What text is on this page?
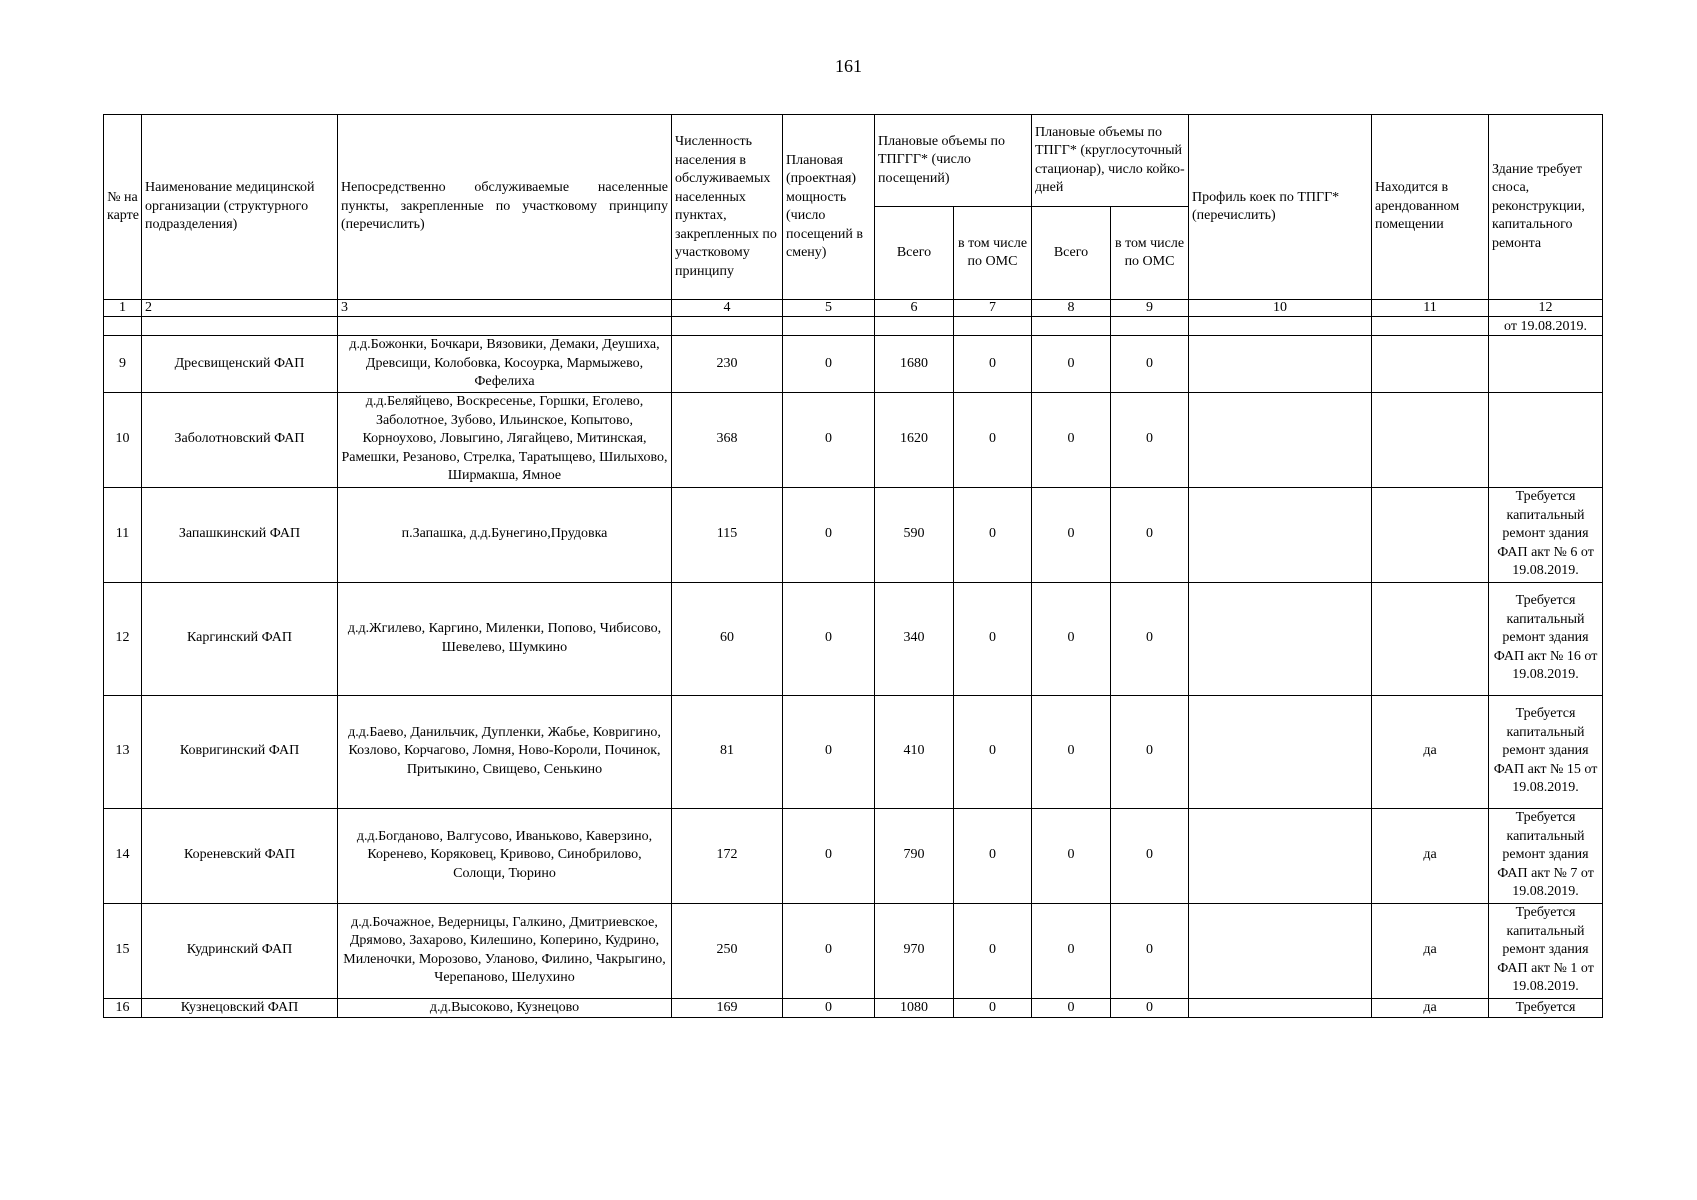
161
№ на карте	Наименование медицинской организации (структурного подразделения)	Непосредственно обслуживаемые населенные пункты, закрепленные по участковому принципу (перечислить)	Численность населения в обслуживаемых населенных пунктах, закрепленных по участковому принципу	Плановая (проектная) мощность (число посещений в смену)	Плановые объемы по ТПГГГ* (число посещений)		Плановые объемы по ТПГГ* (круглосуточный стационар), число койко-дней		Профиль коек по ТПГГ* (перечислить)	Находится в арендованном помещении	Здание требует сноса, реконструкции, капитального ремонта
					Всего	в том числе по ОМС	Всего	в том числе по ОМС			
1	2	3	4	5	6	7	8	9	10	11	12
											от 19.08.2019.
9	Дресвищенский ФАП	д.д.Божонки, Бочкари, Вязовики, Демаки, Деушиха, Древсищи, Колобовка, Косоурка, Мармыжево, Фефелиха	230	0	1680	0	0	0			
10	Заболотновский ФАП	д.д.Беляйцево, Воскресенье, Горшки, Еголево, Заболотное, Зубово, Ильинское, Копытово, Корноухово, Ловыгино, Лягайцево, Митинская, Рамешки, Резаново, Стрелка, Таратыщево, Шилыхово, Ширмакша, Ямное	368	0	1620	0	0	0			
11	Запашкинский ФАП	п.Запашка, д.д.Бунегино,Прудовка	115	0	590	0	0	0			Требуется капитальный ремонт здания ФАП акт № 6 от 19.08.2019.
12	Каргинский ФАП	д.д.Жгилево, Каргино, Миленки, Попово, Чибисово, Шевелево, Шумкино	60	0	340	0	0	0			Требуется капитальный ремонт здания ФАП акт № 16 от 19.08.2019.
13	Ковригинский ФАП	д.д.Баево, Данильчик, Дупленки, Жабье, Ковригино, Козлово, Корчагово, Ломня, Ново-Короли, Починок, Притыкино, Свищево, Сенькино	81	0	410	0	0	0		да	Требуется капитальный ремонт здания ФАП акт № 15 от 19.08.2019.
14	Кореневский ФАП	д.д.Богданово, Валгусово, Иваньково, Каверзино, Коренево, Коряковец, Кривово, Синобрилово, Солощи, Тюрино	172	0	790	0	0	0		да	Требуется капитальный ремонт здания ФАП акт № 7 от 19.08.2019.
15	Кудринский ФАП	д.д.Бочажное, Ведерницы, Галкино, Дмитриевское, Дрямово, Захарово, Килешино, Коперино, Кудрино, Миленочки, Морозово, Уланово, Филино, Чакрыгино, Черепаново, Шелухино	250	0	970	0	0	0		да	Требуется капитальный ремонт здания ФАП акт № 1 от 19.08.2019.
16	Кузнецовский ФАП	д.д.Высоково, Кузнецово	169	0	1080	0	0	0		да	Требуется
